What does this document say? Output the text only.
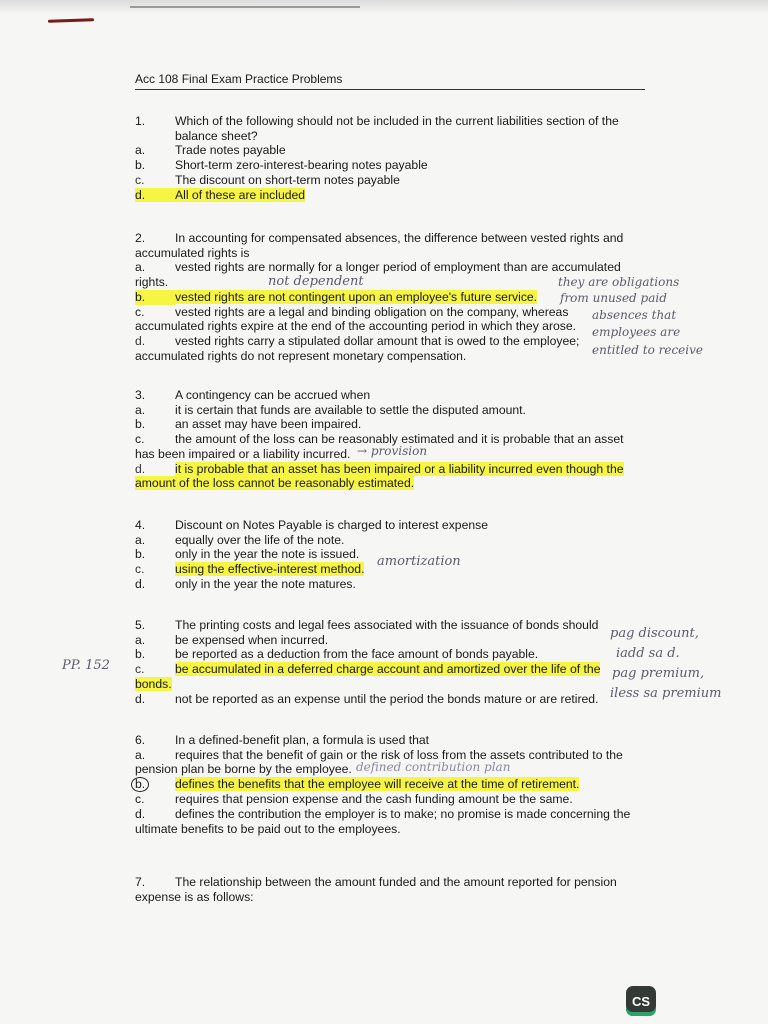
Acc 108 Final Exam Practice Problems
1. Which of the following should not be included in the current liabilities section of the balance sheet?
a. Trade notes payable
b. Short-term zero-interest-bearing notes payable
c.	The discount on short-term notes payable
d. All of these are included
2. In accounting for compensated absences, the difference between vested rights and accumulated rights is
a. vested rights are normally for a longer period of employment than are accumulated
rights.
b. vested rights are not contingent upon an employee's future service.
c.	vested rights are a legal and binding obligation on the company, whereas
accumulated rights expire at the end of the accounting period in which they arose.
d. vested rights carry a stipulated dollar amount that is owed to the employee;
accumulated rights do not represent monetary compensation.
3. A contingency can be accrued when
a. it is certain that funds are available to settle the disputed amount.
b. an asset may have been impaired.
c.	the amount of the loss can be reasonably estimated and it is probable that an asset
has been impaired or a liability incurred.
d. it is probable that an asset has been impaired or a liability incurred even though the
amount of the loss cannot be reasonably estimated.
4. Discount on Notes Payable is charged to interest expense
a. equally over the life of the note.
b. only in the year the note is issued.
c.	using the effective-interest method.
d. only in the year the note matures.
5. The printing costs and legal fees associated with the issuance of bonds should
a. be expensed when incurred.
b. be reported as a deduction from the face amount of bonds payable.
c.	be accumulated in a deferred charge account and amortized over the life of the
bonds.
d. not be reported as an expense until the period the bonds mature or are retired.
6. In a defined-benefit plan, a formula is used that
a. requires that the benefit of gain or the risk of loss from the assets contributed to the
pension plan be borne by the employee.
b. defines the benefits that the employee will receive at the time of retirement.
c.	requires that pension expense and the cash funding amount be the same.
d. defines the contribution the employer is to make; no promise is made concerning the
ultimate benefits to be paid out to the employees.
7. The relationship between the amount funded and the amount reported for pension expense is as follows:
not dependent	they are obligations
from unused paid
absences that
employees are
entitled to receive
→ provision
amortization
PP. 152
pag discount,
iadd sa d.
pag premium,
iless sa premium
defined contribution plan
CS
